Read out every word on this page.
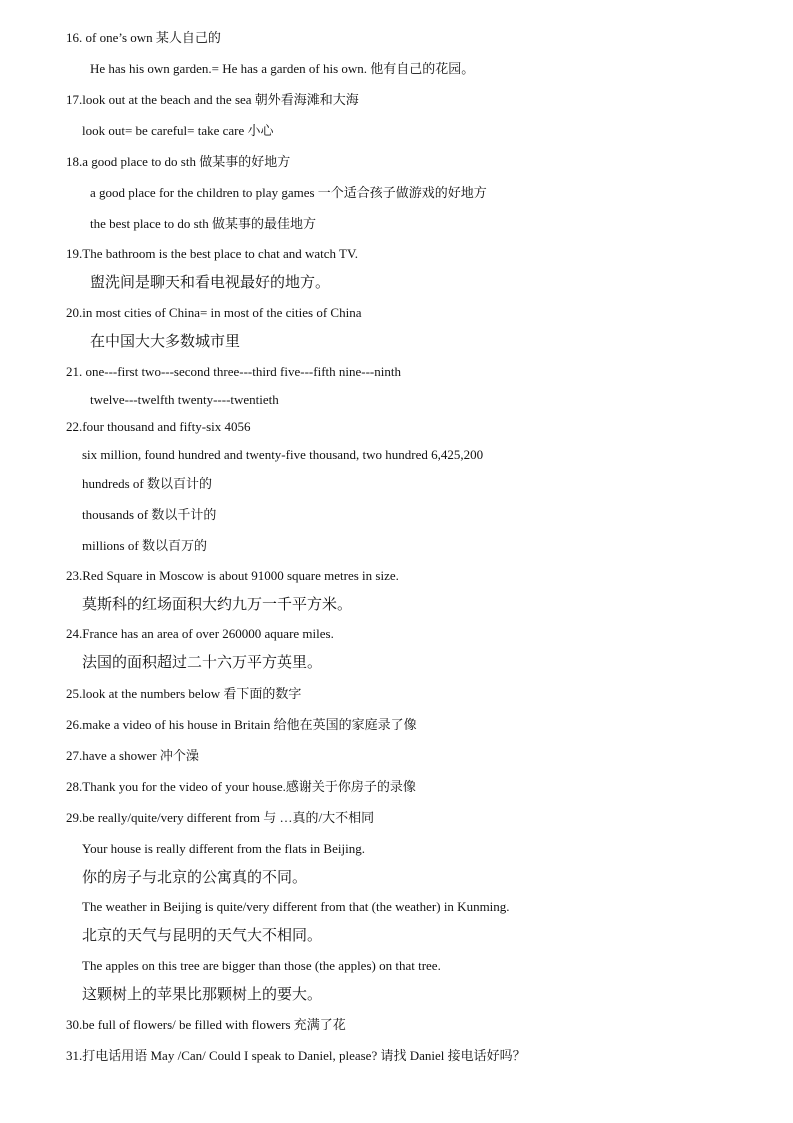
16. of one’s own 某人自己的
He has his own garden.= He has a garden of his own. 他有自己的花园。
17.look out at the beach and the sea 朝外看海滩和大海
look out= be careful= take care 小心
18.a good place to do sth 做某事的好地方
a good place for the children to play games 一个适合孩子做游戏的好地方
the best place to do sth 做某事的最佳地方
19.The bathroom is the best place to chat and watch TV.
盥洗间是聊天和看电视最好的地方。
20.in most cities of China= in most of the cities of China
在中国大大多数城市里
21. one---first two---second three---third five---fifth nine---ninth
twelve---twelfth twenty----twentieth
22.four thousand and fifty-six 4056
six million, found hundred and twenty-five thousand, two hundred 6,425,200
hundreds of 数以百计的
thousands of 数以千计的
millions of 数以百万的
23.Red Square in Moscow is about 91000 square metres in size.
莫斯科的红场面积大约九万一千平方米。
24.France has an area of over 260000 aquare miles.
法国的面积超过二十六万平方英里。
25.look at the numbers below 看下面的数字
26.make a video of his house in Britain 给他在英国的家庭录了像
27.have a shower 冲个澡
28.Thank you for the video of your house.感谢关于你房子的录像
29.be really/quite/very different from 与 …真的/大不相同
Your house is really different from the flats in Beijing.
你的房子与北京的公寓真的不同。
The weather in Beijing is quite/very different from that (the weather) in Kunming.
北京的天气与昆明的天气大不相同。
The apples on this tree are bigger than those (the apples) on that tree.
这颗树上的苹果比那颗树上的要大。
30.be full of flowers/ be filled with flowers 充满了花
31.打电话用语 May /Can/ Could I speak to Daniel, please? 请找 Daniel 接电话好吗？
